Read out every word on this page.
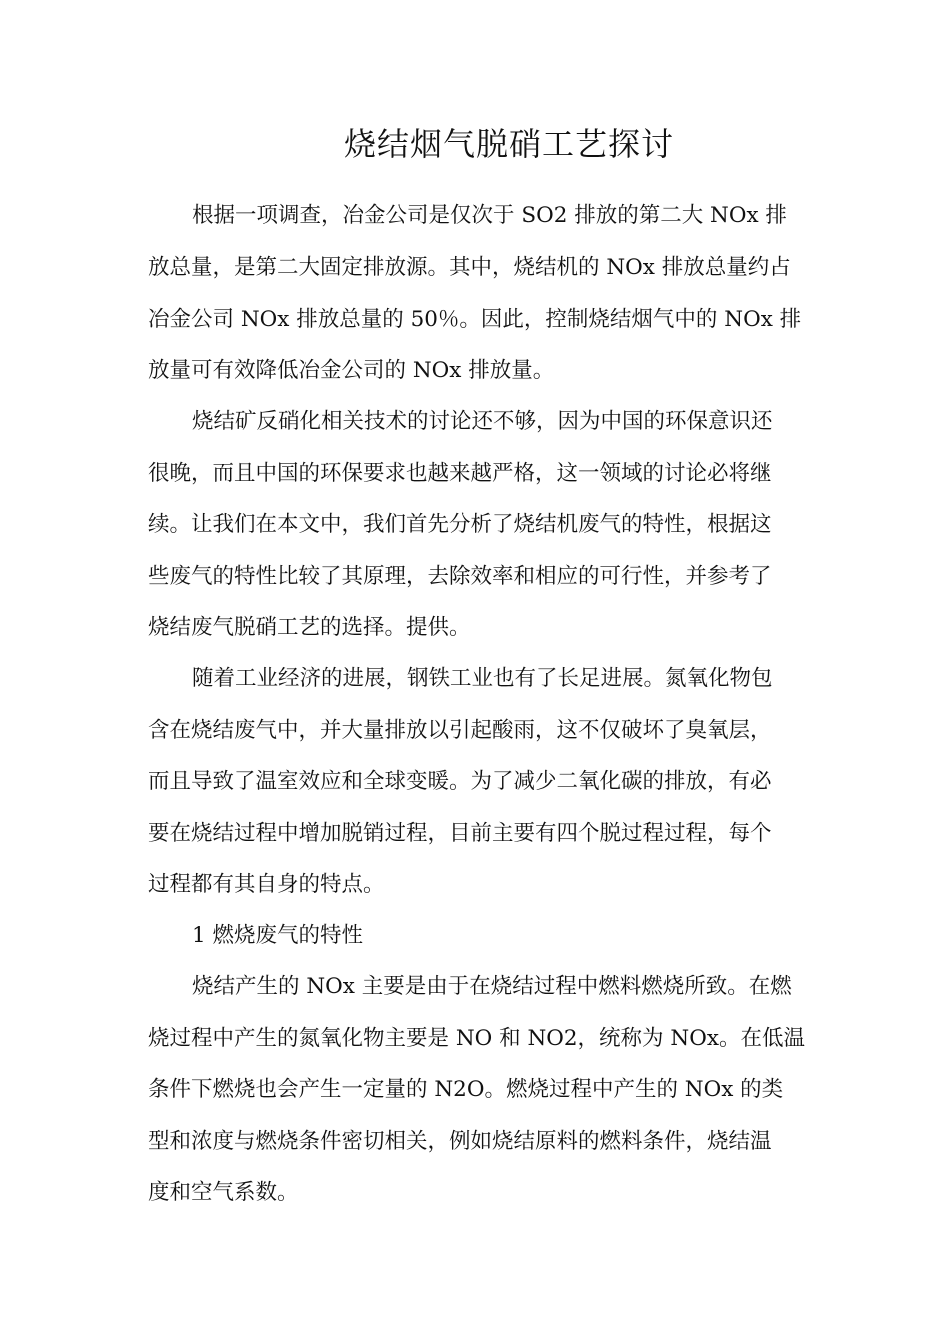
烧结烟气脱硝工艺探讨

根据一项调查，冶金公司是仅次于 SO2 排放的第二大 NOx 排

放总量，是第二大固定排放源。其中，烧结机的 NOx 排放总量约占

冶金公司 NOx 排放总量的 50％。因此，控制烧结烟气中的 NOx 排

放量可有效降低冶金公司的 NOx 排放量。

烧结矿反硝化相关技术的讨论还不够，因为中国的环保意识还

很晚，而且中国的环保要求也越来越严格，这一领域的讨论必将继

续。让我们在本文中，我们首先分析了烧结机废气的特性，根据这

些废气的特性比较了其原理，去除效率和相应的可行性，并参考了

烧结废气脱硝工艺的选择。提供。

随着工业经济的进展，钢铁工业也有了长足进展。氮氧化物包

含在烧结废气中，并大量排放以引起酸雨，这不仅破坏了臭氧层，

而且导致了温室效应和全球变暖。为了减少二氧化碳的排放，有必

要在烧结过程中增加脱销过程，目前主要有四个脱过程过程，每个

过程都有其自身的特点。

1 燃烧废气的特性

烧结产生的 NOx 主要是由于在烧结过程中燃料燃烧所致。在燃

烧过程中产生的氮氧化物主要是 NO 和 NO2，统称为 NOx。在低温

条件下燃烧也会产生一定量的 N2O。燃烧过程中产生的 NOx 的类

型和浓度与燃烧条件密切相关，例如烧结原料的燃料条件，烧结温

度和空气系数。
